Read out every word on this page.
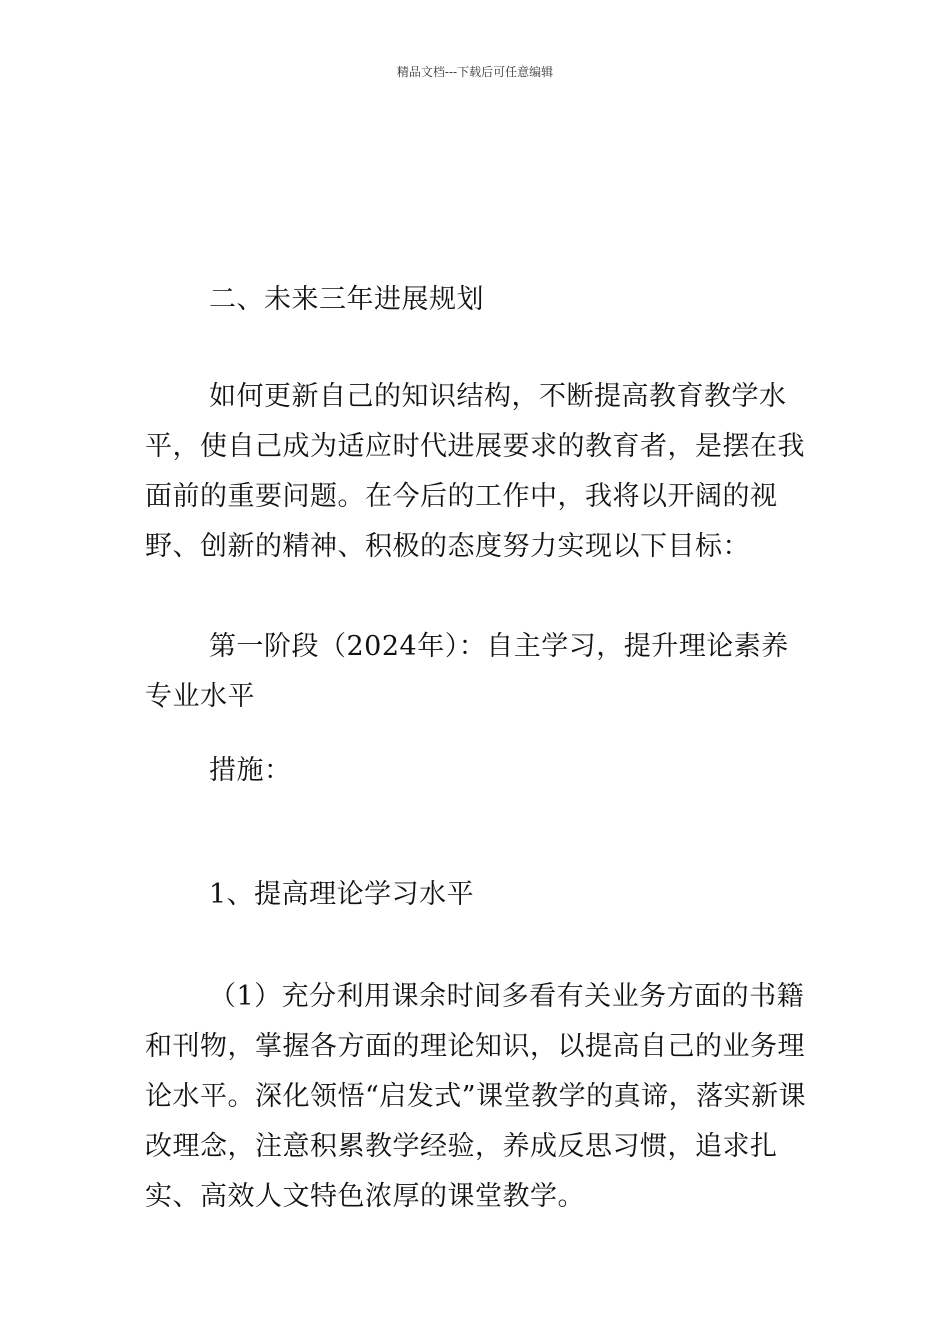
精品文档---下载后可任意编辑

二、未来三年进展规划

如何更新自己的知识结构，不断提高教育教学水平，使自己成为适应时代进展要求的教育者，是摆在我面前的重要问题。在今后的工作中，我将以开阔的视野、创新的精神、积极的态度努力实现以下目标：

第一阶段（2024年）：自主学习，提升理论素养专业水平

措施：

1、提高理论学习水平

（1）充分利用课余时间多看有关业务方面的书籍和刊物，掌握各方面的理论知识，以提高自己的业务理论水平。深化领悟“启发式”课堂教学的真谛，落实新课改理念，注意积累教学经验，养成反思习惯，追求扎实、高效人文特色浓厚的课堂教学。
